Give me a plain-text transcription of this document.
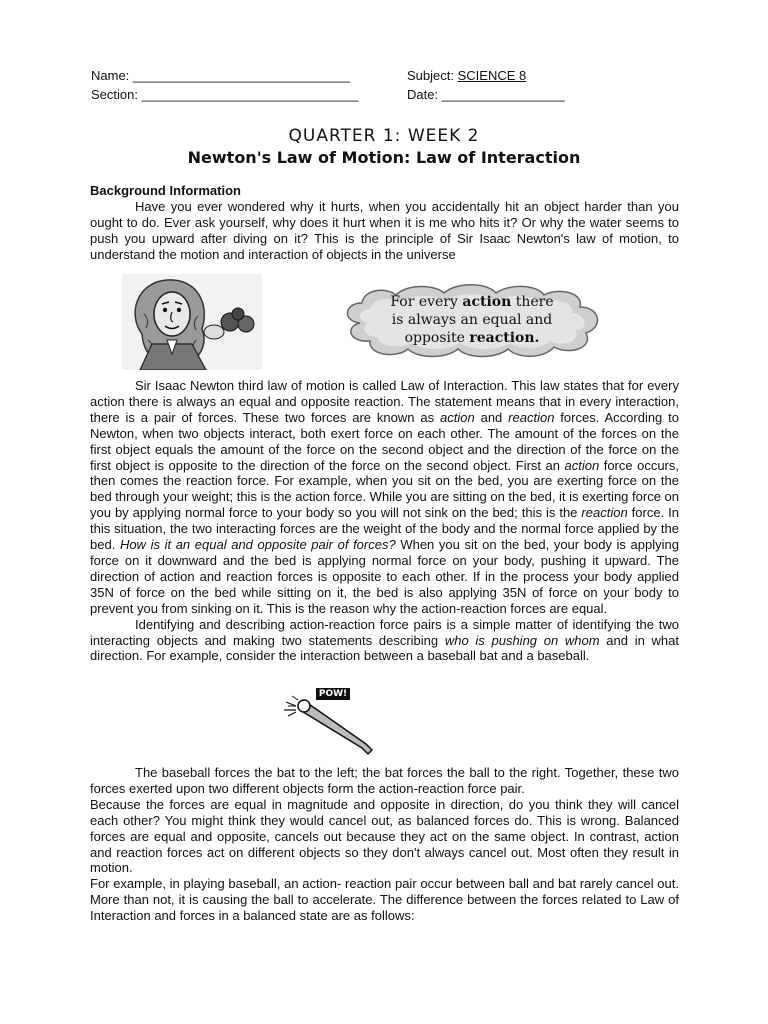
Name: ______________________________
Section: ______________________________
Subject: SCIENCE 8
Date: _________________
QUARTER 1: WEEK 2
Newton's Law of Motion: Law of Interaction

Background Information

Have you ever wondered why it hurts, when you accidentally hit an object harder than you ought to do. Ever ask yourself, why does it hurt when it is me who hits it? Or why the water seems to push you upward after diving on it? This is the principle of Sir Isaac Newton's law of motion, to understand the motion and interaction of objects in the universe

For every action there
is always an equal and
opposite reaction.

Sir Isaac Newton third law of motion is called Law of Interaction. This law states that for every action there is always an equal and opposite reaction. The statement means that in every interaction, there is a pair of forces. These two forces are known as action and reaction forces. According to Newton, when two objects interact, both exert force on each other. The amount of the forces on the first object equals the amount of the force on the second object and the direction of the force on the first object is opposite to the direction of the force on the second object. First an action force occurs, then comes the reaction force. For example, when you sit on the bed, you are exerting force on the bed through your weight; this is the action force. While you are sitting on the bed, it is exerting force on you by applying normal force to your body so you will not sink on the bed; this is the reaction force. In this situation, the two interacting forces are the weight of the body and the normal force applied by the bed. How is it an equal and opposite pair of forces? When you sit on the bed, your body is applying force on it downward and the bed is applying normal force on your body, pushing it upward. The direction of action and reaction forces is opposite to each other. If in the process your body applied 35N of force on the bed while sitting on it, the bed is also applying 35N of force on your body to prevent you from sinking on it. This is the reason why the action-reaction forces are equal.

Identifying and describing action-reaction force pairs is a simple matter of identifying the two interacting objects and making two statements describing who is pushing on whom and in what direction. For example, consider the interaction between a baseball bat and a baseball.

POW!

The baseball forces the bat to the left; the bat forces the ball to the right. Together, these two forces exerted upon two different objects form the action-reaction force pair.

Because the forces are equal in magnitude and opposite in direction, do you think they will cancel each other? You might think they would cancel out, as balanced forces do. This is wrong. Balanced forces are equal and opposite, cancels out because they act on the same object. In contrast, action and reaction forces act on different objects so they don't always cancel out. Most often they result in motion.

For example, in playing baseball, an action- reaction pair occur between ball and bat rarely cancel out. More than not, it is causing the ball to accelerate. The difference between the forces related to Law of Interaction and forces in a balanced state are as follows:
